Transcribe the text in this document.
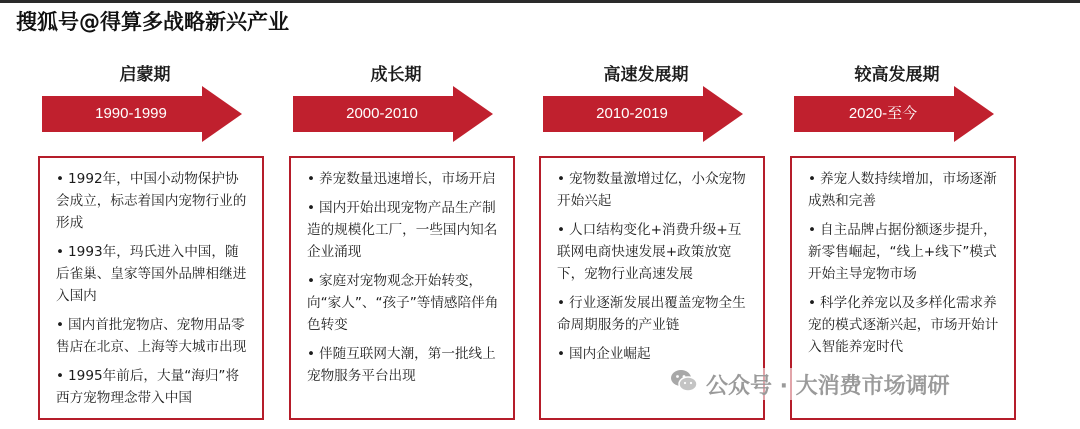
搜狐号@得算多战略新兴产业
启蒙期
1990-1999
• 1992年，中国小动物保护协会成立，标志着国内宠物行业的形成
• 1993年，玛氏进入中国，随后雀巢、皇家等国外品牌相继进入国内
• 国内首批宠物店、宠物用品零售店在北京、上海等大城市出现
• 1995年前后，大量“海归”将西方宠物理念带入中国
成长期
2000-2010
• 养宠数量迅速增长，市场开启
• 国内开始出现宠物产品生产制造的规模化工厂，一些国内知名企业涌现
• 家庭对宠物观念开始转变，向“家人”、“孩子”等情感陪伴角色转变
• 伴随互联网大潮，第一批线上宠物服务平台出现
高速发展期
2010-2019
• 宠物数量激增过亿，小众宠物开始兴起
• 人口结构变化+消费升级+互联网电商快速发展+政策放宽下，宠物行业高速发展
• 行业逐渐发展出覆盖宠物全生命周期服务的产业链
• 国内企业崛起
较高发展期
2020-至今
• 养宠人数持续增加，市场逐渐成熟和完善
• 自主品牌占据份额逐步提升，新零售崛起，“线上+线下”模式开始主导宠物市场
• 科学化养宠以及多样化需求养宠的模式逐渐兴起，市场开始计入智能养宠时代
公众号 · 大消费市场调研
